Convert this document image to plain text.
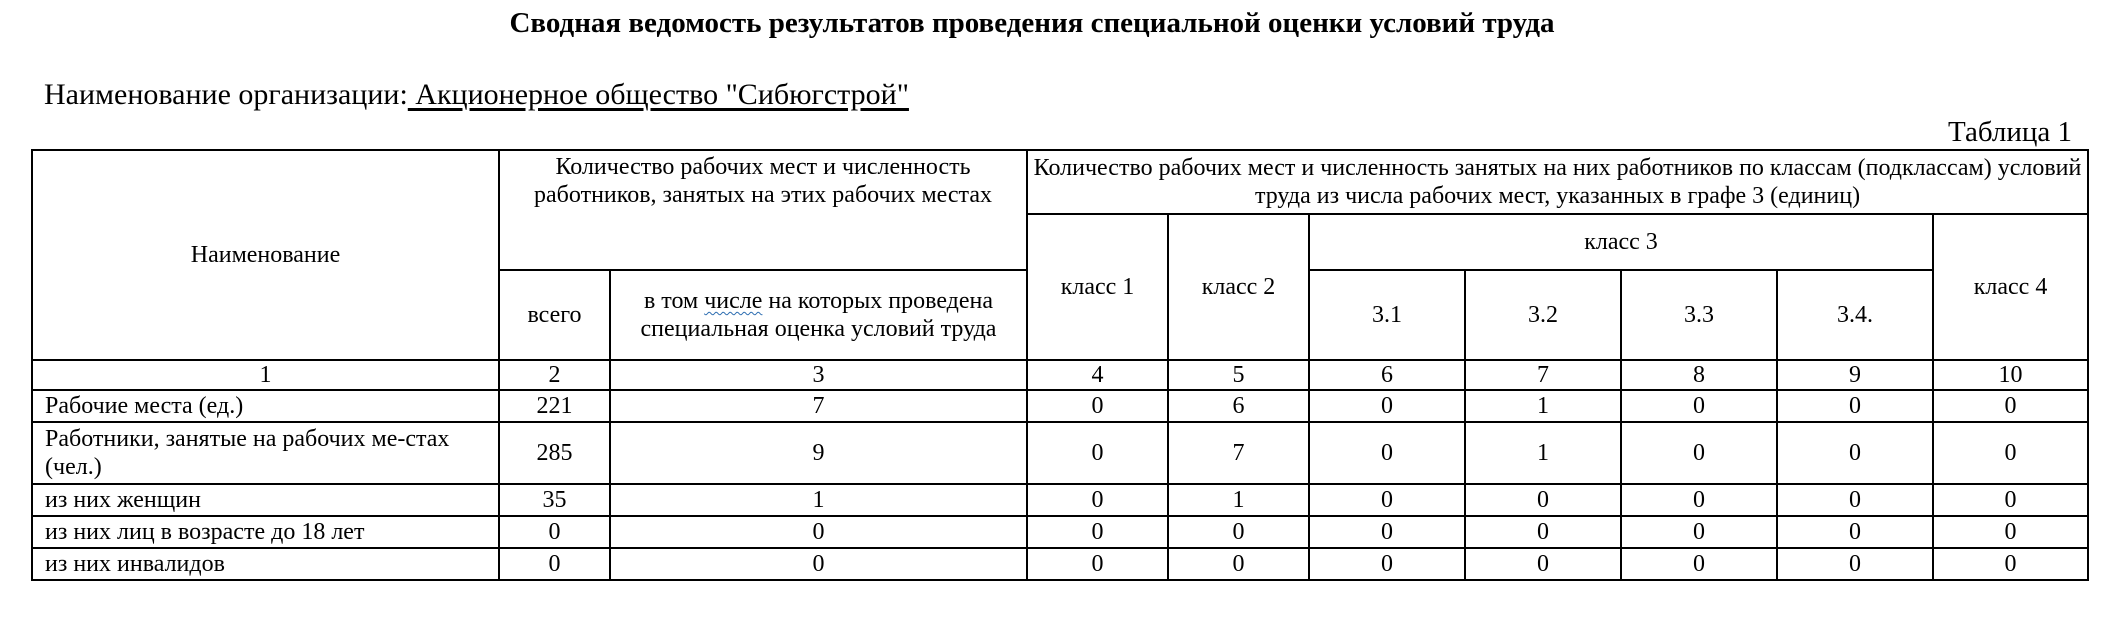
Сводная ведомость результатов проведения специальной оценки условий труда
Наименование организации: Акционерное общество "Сибюгстрой"
Таблица 1
Наименование	Количество рабочих мест и численность работников, занятых на этих рабочих местах		Количество рабочих мест и численность занятых на них работников по классам (подклассам) условий труда из числа рабочих мест, указанных в графе 3 (единиц)						
			класс 1	класс 2	класс 3				класс 4
	всего	в том числе на которых проведена специальная оценка условий труда			3.1	3.2	3.3	3.4.	
1	2	3	4	5	6	7	8	9	10
Рабочие места (ед.)	221	7	0	6	0	1	0	0	0
Работники, занятые на рабочих ме-стах (чел.)	285	9	0	7	0	1	0	0	0
из них женщин	35	1	0	1	0	0	0	0	0
из них лиц в возрасте до 18 лет	0	0	0	0	0	0	0	0	0
из них инвалидов	0	0	0	0	0	0	0	0	0
